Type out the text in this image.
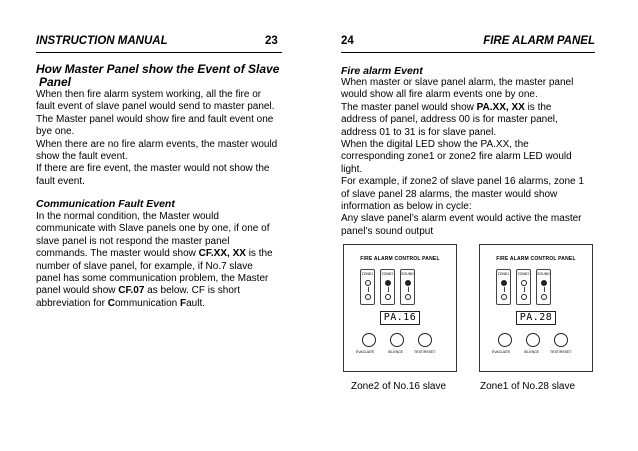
INSTRUCTION MANUAL	23
How Master Panel show the Event of Slave
Panel
When then fire alarm system working, all the fire or
fault event of slave panel would send to master panel.
The Master panel would show fire and fault event one
bye one.
When there are no fire alarm events, the master would
show the fault event.
If there are fire event, the master would not show the
fault event.
Communication Fault Event
In the normal condition, the Master would
communicate with Slave panels one by one, if one of
slave panel is not respond the master panel
commands. The master would show CF.XX, XX is the
number of slave panel, for example, if No.7 slave
panel has some communication problem, the Master
panel would show CF.07 as below. CF is short
abbreviation for Communication Fault.
24	FIRE ALARM PANEL
Fire alarm Event
When master or slave panel alarm, the master panel
would show all fire alarm events one by one.
The master panel would show PA.XX, XX is the
address of panel, address 00 is for master panel,
address 01 to 31 is for slave panel.
When the digital LED show the PA.XX, the
corresponding zone1 or zone2 fire alarm LED would
light.
For example, if zone2 of slave panel 16 alarms, zone 1
of slave panel 28 alarms, the master would show
information as below in cycle:
Any slave panel’s alarm event would active the master
panel’s sound output
FIRE ALARM CONTROL PANEL
ZONE1 ZONE2 SOUND
PA.16
EVACUATE	SILENCE	TEST/RESET
Zone2 of No.16 slave
FIRE ALARM CONTROL PANEL
ZONE1 ZONE2 SOUND
PA.28
EVACUATE	SILENCE	TEST/RESET
Zone1 of No.28 slave
